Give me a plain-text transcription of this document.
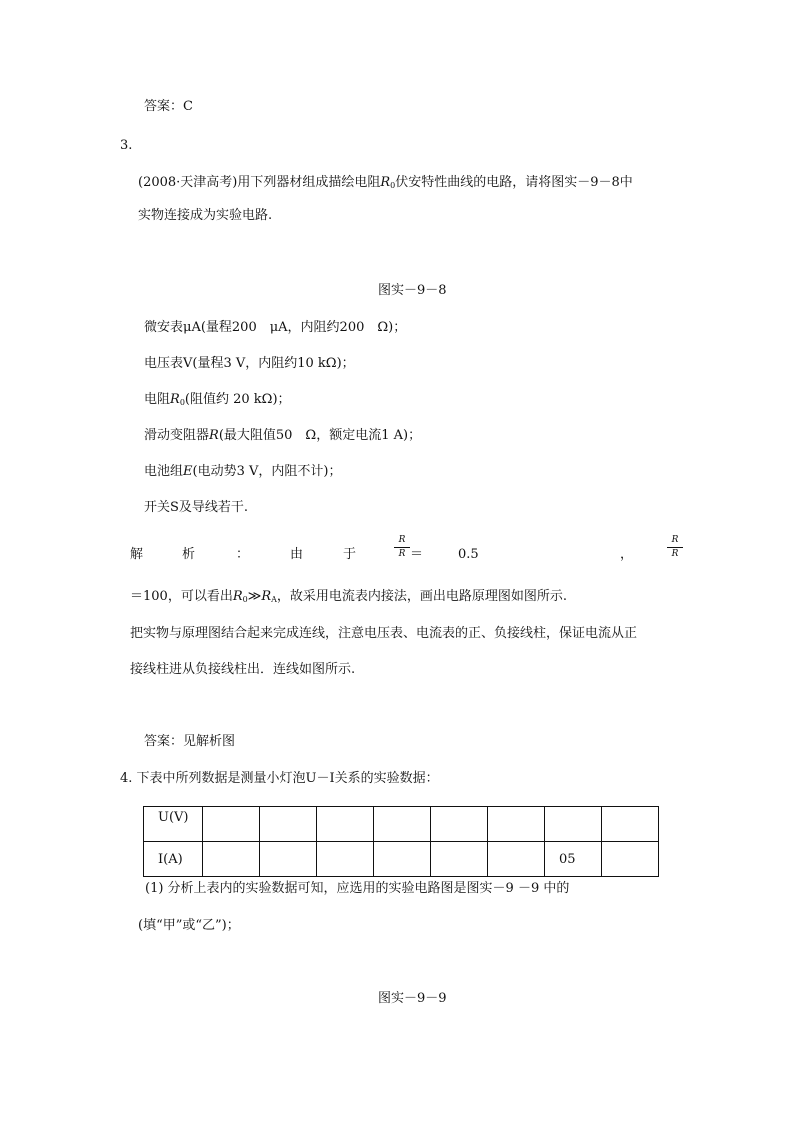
答案：C
3.
(2008·天津高考)用下列器材组成描绘电阻$R_0$伏安特性曲线的电路，请将图实－9－8中
实物连接成为实验电路.
图实－9－8
微安表μA(量程200　μA，内阻约200　Ω)；
电压表V(量程3 V，内阻约10 kΩ)；
电阻$R_0$(阻值约 20 kΩ)；
滑动变阻器R(最大阻值50　Ω，额定电流1 A)；
电池组E(电动势3 V，内阻不计)；
开关S及导线若干.
解	析	：	由	于
R
R ＝	0.5	，
R
R
＝100，可以看出$R_0≫R_A$，故采用电流表内接法，画出电路原理图如图所示.
把实物与原理图结合起来完成连线，注意电压表、电流表的正、负接线柱，保证电流从正
接线柱进从负接线柱出．连线如图所示.
答案：见解析图
4. 下表中所列数据是测量小灯泡U－I关系的实验数据：
U(V)								
I(A)							05	
(1) 分析上表内的实验数据可知，应选用的实验电路图是图实－9 －9 中的
(填“甲”或“乙”)；
图实－9－9
